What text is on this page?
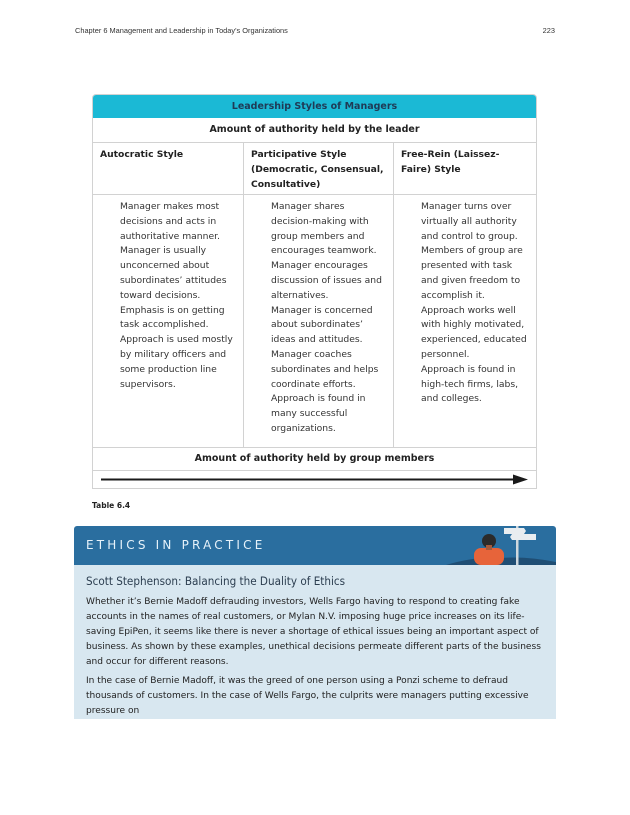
Chapter 6 Management and Leadership in Today's Organizations	223
Leadership Styles of Managers
Amount of authority held by the leader
Autocratic Style

Manager makes most decisions and acts in authoritative manner.

Manager is usually unconcerned about subordinates’ attitudes toward decisions.

Emphasis is on getting task accomplished.

Approach is used mostly by military officers and some production line supervisors.

Participative Style (Democratic, Consensual, Consultative)

Manager shares decision-making with group members and encourages teamwork.

Manager encourages discussion of issues and alternatives.

Manager is concerned about subordinates’ ideas and attitudes.

Manager coaches subordinates and helps coordinate efforts.

Approach is found in many successful organizations.

Free-Rein (Laissez-Faire) Style

Manager turns over virtually all authority and control to group.

Members of group are presented with task and given freedom to accomplish it.

Approach works well with highly motivated, experienced, educated personnel.

Approach is found in high-tech firms, labs, and colleges.

Amount of authority held by group members
Table 6.4
ETHICS IN PRACTICE
Scott Stephenson: Balancing the Duality of Ethics

Whether it’s Bernie Madoff defrauding investors, Wells Fargo having to respond to creating fake accounts in the names of real customers, or Mylan N.V. imposing huge price increases on its life-saving EpiPen, it seems like there is never a shortage of ethical issues being an important aspect of business. As shown by these examples, unethical decisions permeate different parts of the business and occur for different reasons.

In the case of Bernie Madoff, it was the greed of one person using a Ponzi scheme to defraud thousands of customers. In the case of Wells Fargo, the culprits were managers putting excessive pressure on
